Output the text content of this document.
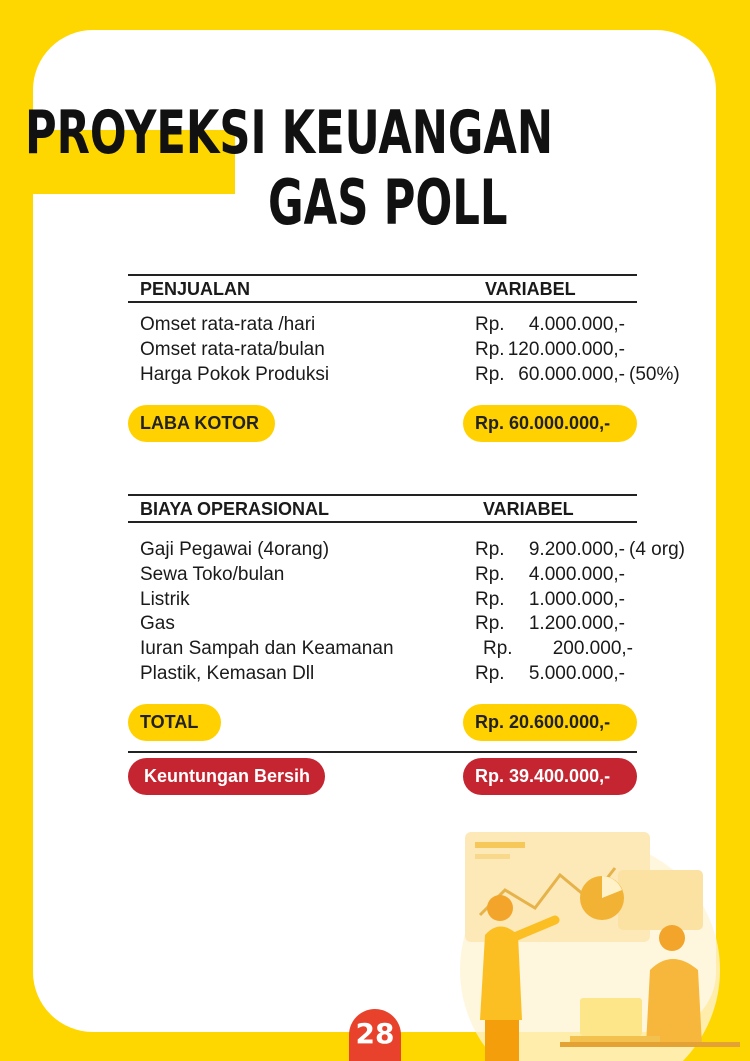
PROYEKSI KEUANGAN
GAS POLL
PENJUALAN	VARIABEL
Omset rata-rata /hari	Rp. 4.000.000,-
Omset rata-rata/bulan	Rp. 120.000.000,-
Harga Pokok Produksi	Rp. 60.000.000,- (50%)
LABA KOTOR	Rp. 60.000.000,-
BIAYA OPERASIONAL	VARIABEL
Gaji Pegawai (4orang)	Rp. 9.200.000,- (4 org)
Sewa Toko/bulan	Rp. 4.000.000,-
Listrik	Rp. 1.000.000,-
Gas	Rp. 1.200.000,-
Iuran Sampah dan Keamanan	Rp. 200.000,-
Plastik, Kemasan Dll	Rp. 5.000.000,-
TOTAL	Rp. 20.600.000,-
Keuntungan Bersih	Rp. 39.400.000,-
28
